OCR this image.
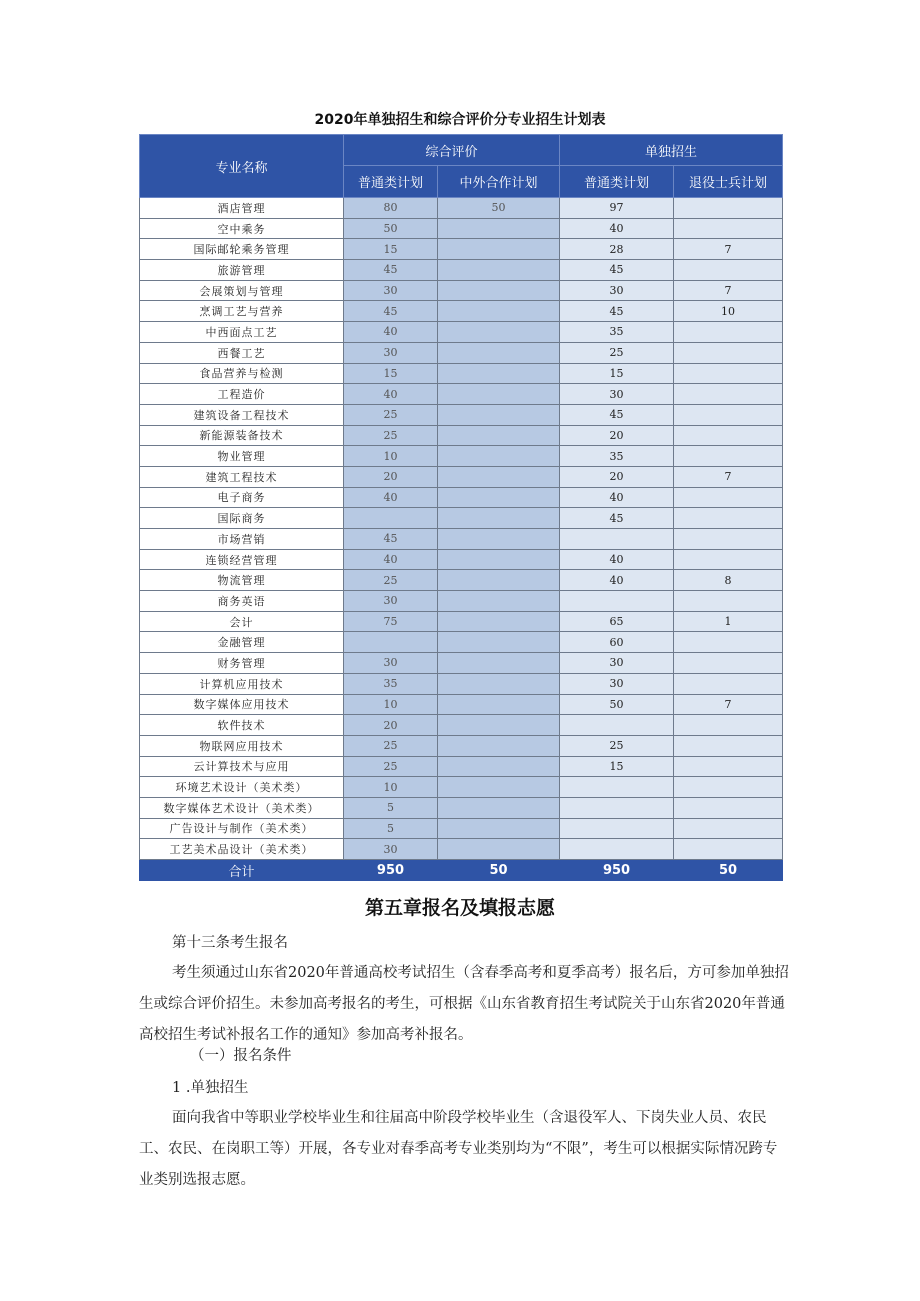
2020年单独招生和综合评价分专业招生计划表
专业名称	综合评价		单独招生	
	普通类计划	中外合作计划	普通类计划	退役士兵计划
酒店管理	80	50	97	
空中乘务	50		40	
国际邮轮乘务管理	15		28	7
旅游管理	45		45	
会展策划与管理	30		30	7
烹调工艺与营养	45		45	10
中西面点工艺	40		35	
西餐工艺	30		25	
食品营养与检测	15		15	
工程造价	40		30	
建筑设备工程技术	25		45	
新能源装备技术	25		20	
物业管理	10		35	
建筑工程技术	20		20	7
电子商务	40		40	
国际商务			45	
市场营销	45			
连锁经营管理	40		40	
物流管理	25		40	8
商务英语	30			
会计	75		65	1
金融管理			60	
财务管理	30		30	
计算机应用技术	35		30	
数字媒体应用技术	10		50	7
软件技术	20			
物联网应用技术	25		25	
云计算技术与应用	25		15	
环境艺术设计（美术类）	10			
数字媒体艺术设计（美术类）	5			
广告设计与制作（美术类）	5			
工艺美术品设计（美术类）	30			
合计	950	50	950	50
第五章报名及填报志愿
第十三条考生报名
考生须通过山东省2020年普通高校考试招生（含春季高考和夏季高考）报名后，方可参加单独招生或综合评价招生。未参加高考报名的考生，可根据《山东省教育招生考试院关于山东省2020年普通高校招生考试补报名工作的通知》参加高考补报名。
（一）报名条件
1 .单独招生
面向我省中等职业学校毕业生和往届高中阶段学校毕业生（含退役军人、下岗失业人员、农民工、农民、在岗职工等）开展，各专业对春季高考专业类别均为“不限”，考生可以根据实际情况跨专业类别选报志愿。
